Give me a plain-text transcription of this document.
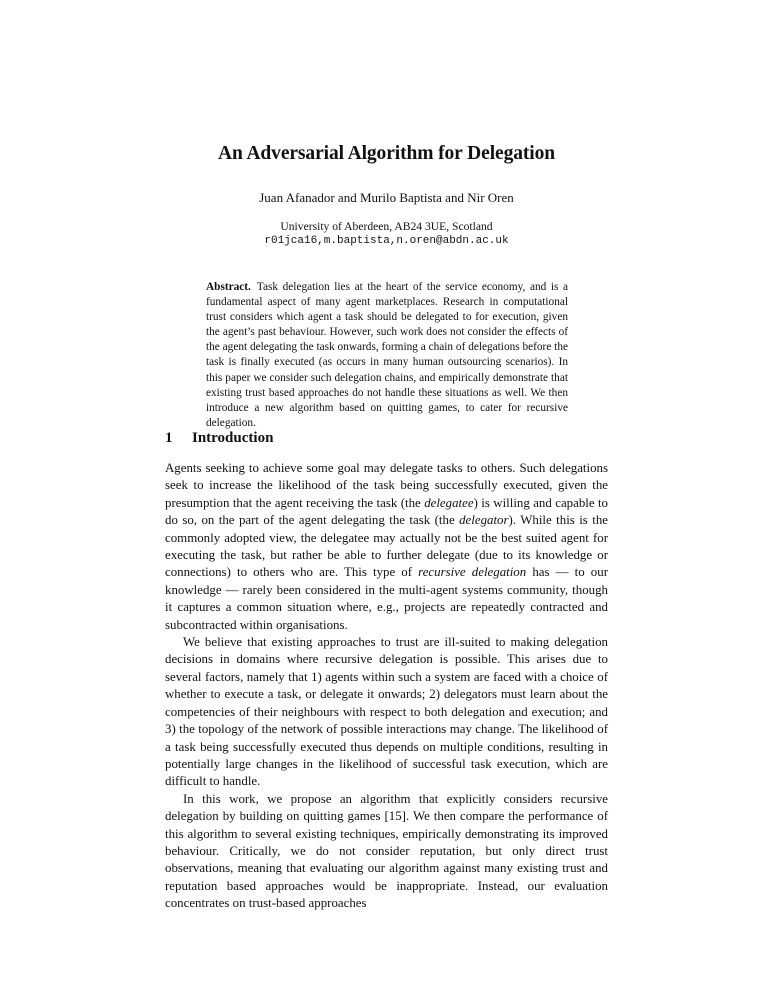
An Adversarial Algorithm for Delegation
Juan Afanador and Murilo Baptista and Nir Oren
University of Aberdeen, AB24 3UE, Scotland
r01jca16,m.baptista,n.oren@abdn.ac.uk
Abstract. Task delegation lies at the heart of the service economy, and is a fundamental aspect of many agent marketplaces. Research in computational trust considers which agent a task should be delegated to for execution, given the agent’s past behaviour. However, such work does not consider the effects of the agent delegating the task onwards, forming a chain of delegations before the task is finally executed (as occurs in many human outsourcing scenarios). In this paper we consider such delegation chains, and empirically demonstrate that existing trust based approaches do not handle these situations as well. We then introduce a new algorithm based on quitting games, to cater for recursive delegation.
1 Introduction

Agents seeking to achieve some goal may delegate tasks to others. Such delegations seek to increase the likelihood of the task being successfully executed, given the presumption that the agent receiving the task (the delegatee) is willing and capable to do so, on the part of the agent delegating the task (the delegator). While this is the commonly adopted view, the delegatee may actually not be the best suited agent for executing the task, but rather be able to further delegate (due to its knowledge or connections) to others who are. This type of recursive delegation has — to our knowledge — rarely been considered in the multi-agent systems community, though it captures a common situation where, e.g., projects are repeatedly contracted and subcontracted within organisations.

We believe that existing approaches to trust are ill-suited to making delegation decisions in domains where recursive delegation is possible. This arises due to several factors, namely that 1) agents within such a system are faced with a choice of whether to execute a task, or delegate it onwards; 2) delegators must learn about the competencies of their neighbours with respect to both delegation and execution; and 3) the topology of the network of possible interactions may change. The likelihood of a task being successfully executed thus depends on multiple conditions, resulting in potentially large changes in the likelihood of successful task execution, which are difficult to handle.

In this work, we propose an algorithm that explicitly considers recursive delegation by building on quitting games [15]. We then compare the performance of this algorithm to several existing techniques, empirically demonstrating its improved behaviour. Critically, we do not consider reputation, but only direct trust observations, meaning that evaluating our algorithm against many existing trust and reputation based approaches would be inappropriate. Instead, our evaluation concentrates on trust-based approaches
